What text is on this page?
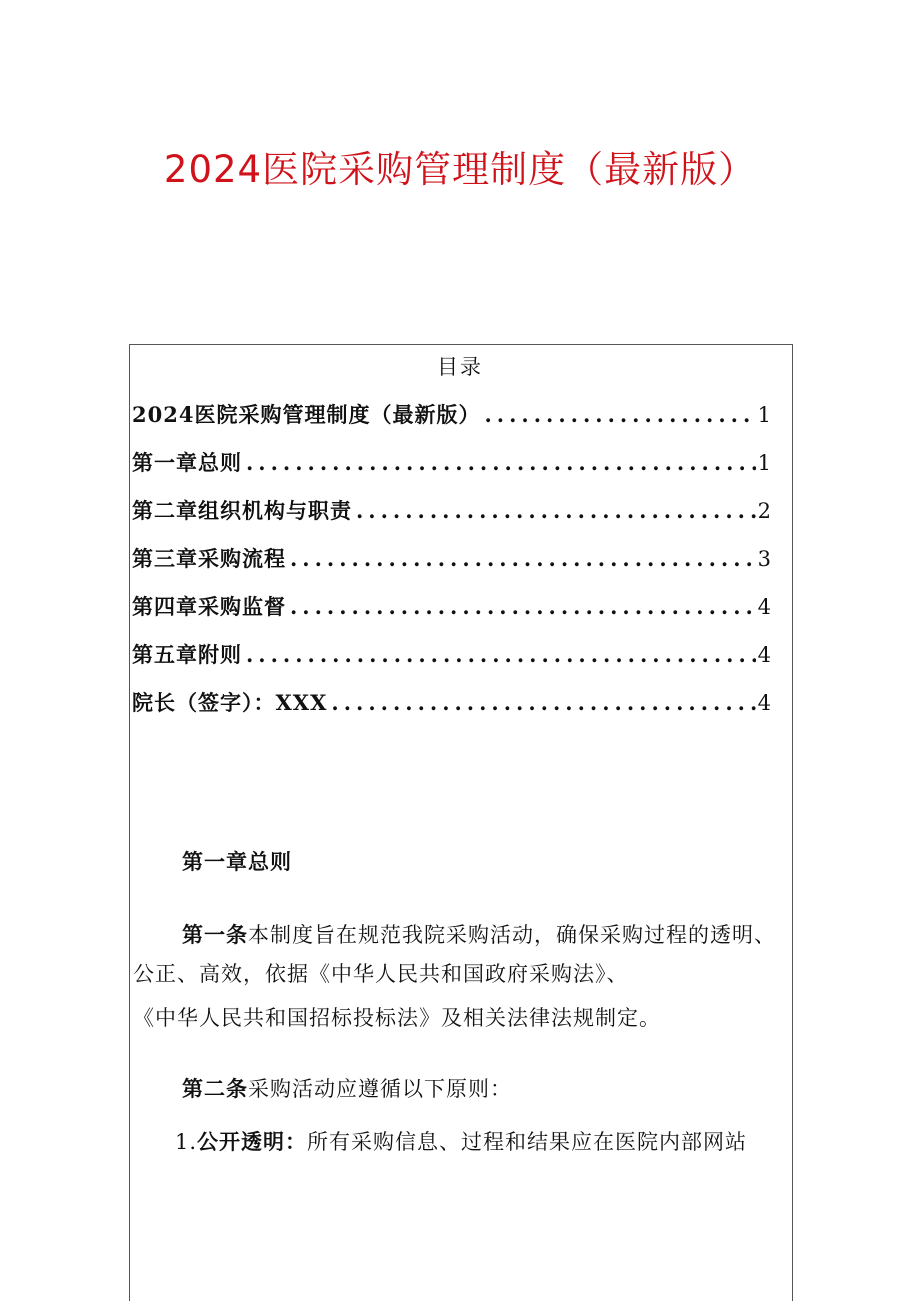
2024医院采购管理制度（最新版）
目录
2024医院采购管理制度（最新版） .....	1
第一章总则 .....	1
第二章组织机构与职责 .....	2
第三章采购流程 .....	3
第四章采购监督 .....	4
第五章附则 .....	4
院长（签字）：XXX .....	4
第一章总则
第一条本制度旨在规范我院采购活动，确保采购过程的透明、
公正、高效，依据《中华人民共和国政府采购法》、
《中华人民共和国招标投标法》及相关法律法规制定。
第二条采购活动应遵循以下原则：
1.公开透明：所有采购信息、过程和结果应在医院内部网站
